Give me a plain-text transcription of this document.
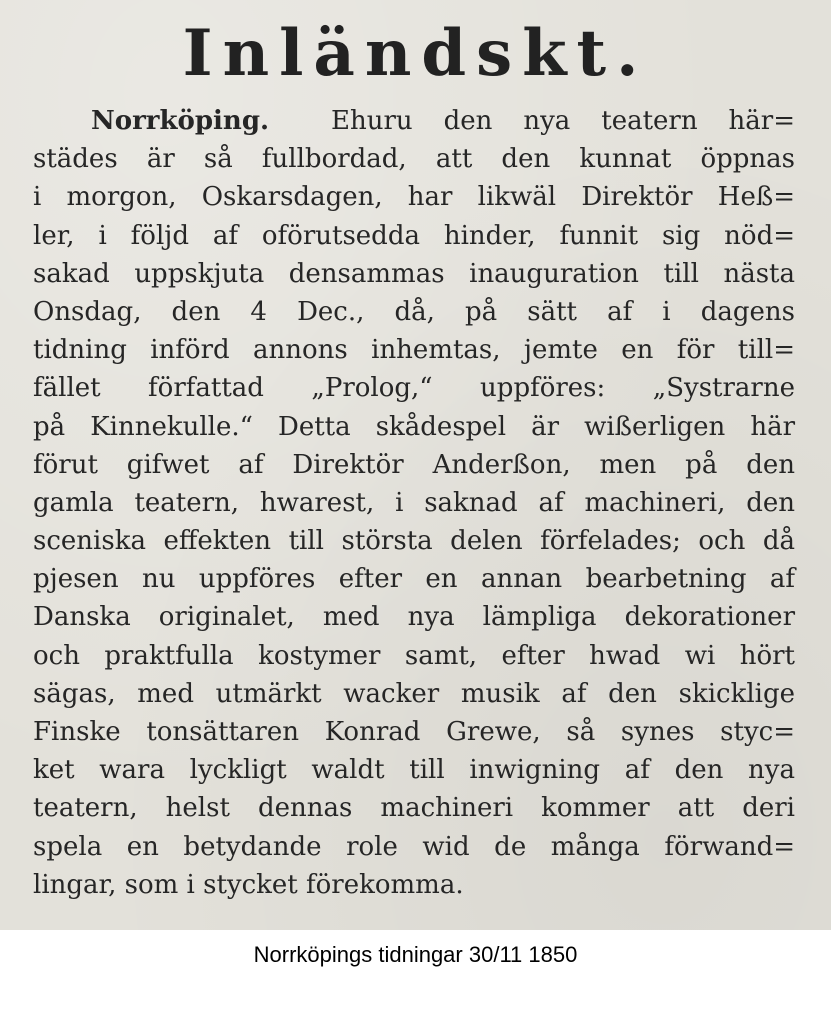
Inländskt.
Norrköping. Ehuru den nya teatern här=
städes är så fullbordad, att den kunnat öppnas
i morgon, Oskarsdagen, har likwäl Direktör Heß=
ler, i följd af oförutsedda hinder, funnit sig nöd=
sakad uppskjuta densammas inauguration till nästa
Onsdag, den 4 Dec., då, på sätt af i dagens
tidning införd annons inhemtas, jemte en för till=
fället författad „Prolog,“ uppföres: „Systrarne
på Kinnekulle.“ Detta skådespel är wißerligen här
förut gifwet af Direktör Anderßon, men på den
gamla teatern, hwarest, i saknad af machineri, den
sceniska effekten till största delen förfelades; och då
pjesen nu uppföres efter en annan bearbetning af
Danska originalet, med nya lämpliga dekorationer
och praktfulla kostymer samt, efter hwad wi hört
sägas, med utmärkt wacker musik af den skicklige
Finske tonsättaren Konrad Grewe, så synes styc=
ket wara lyckligt waldt till inwigning af den nya
teatern, helst dennas machineri kommer att deri
spela en betydande role wid de många förwand=
lingar, som i stycket förekomma.
Norrköpings tidningar 30/11 1850
